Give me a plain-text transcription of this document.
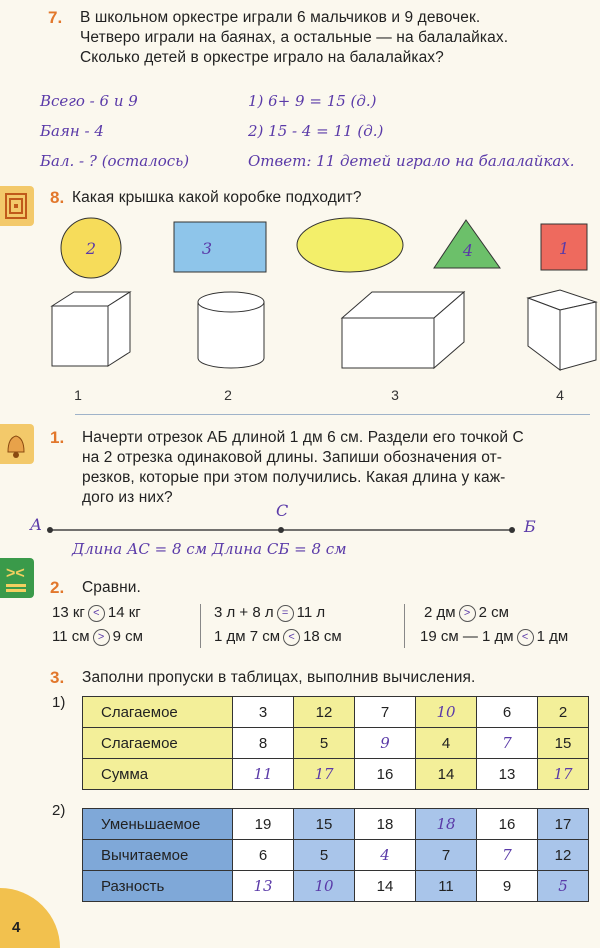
7. В школьном оркестре играли 6 мальчиков и 9 девочек.
Четверо играли на баянах, а остальные — на балалайках.
Сколько детей в оркестре играло на балалайках?
Всего - 6 и 9
Баян - 4
Бал. - ? (осталось)
1) 6+ 9 = 15 (д.)
2) 15 - 4 = 11 (д.)
Ответ: 11 детей играло на балалайках.
8. Какая крышка какой коробке подходит?
2	3	4	1
1	2	3	4
1. Начерти отрезок АБ длиной 1 дм 6 см. Раздели его точкой С
на 2 отрезка одинаковой длины. Запиши обозначения от-
резков, которые при этом получились. Какая длина у каж-
дого из них?
А
С
Б
Длина АС = 8 см Длина СБ = 8 см
><
2. Сравни.
13 кг < 14 кг	3 л + 8 л = 11 л	2 дм > 2 см
11 см > 9 см	1 дм 7 см < 18 см	19 см — 1 дм < 1 дм
3. Заполни пропуски в таблицах, выполнив вычисления.
1)
Слагаемое	3	12	7	10	6	2
Слагаемое	8	5	9	4	7	15
Сумма	11	17	16	14	13	17
2)
Уменьшаемое	19	15	18	18	16	17
Вычитаемое	6	5	4	7	7	12
Разность	13	10	14	11	9	5
4
